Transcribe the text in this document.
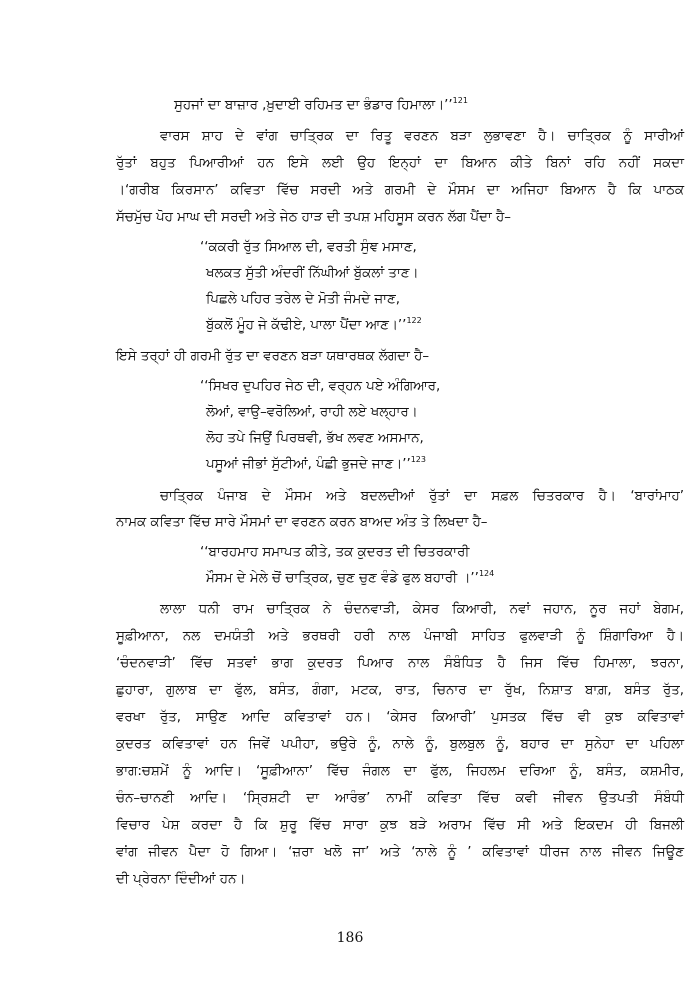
ਸੁਹਜਾਂ ਦਾ ਬਾਜ਼ਾਰ ,ਖ਼ੁਦਾਈ ਰਹਿਮਤ ਦਾ ਭੰਡਾਰ ਹਿਮਾਲਾ।’’$^{121}$
ਵਾਰਸ ਸ਼ਾਹ ਦੇ ਵਾਂਗ ਚਾਤ੍ਰਿਕ ਦਾ ਰਿਤੂ ਵਰਣਨ ਬੜਾ ਲੁਭਾਵਣਾ ਹੈ। ਚਾਤ੍ਰਿਕ ਨੂੰ ਸਾਰੀਆਂ
ਰੁੱਤਾਂ ਬਹੁਤ ਪਿਆਰੀਆਂ ਹਨ ਇਸੇ ਲਈ ਉਹ ਇਨ੍ਹਾਂ ਦਾ ਬਿਆਨ ਕੀਤੇ ਬਿਨਾਂ ਰਹਿ ਨਹੀਂ ਸਕਦਾ
।‘ਗਰੀਬ ਕਿਰਸਾਨ’ ਕਵਿਤਾ ਵਿੱਚ ਸਰਦੀ ਅਤੇ ਗਰਮੀ ਦੇ ਮੌਸਮ ਦਾ ਅਜਿਹਾ ਬਿਆਨ ਹੈ ਕਿ ਪਾਠਕ
ਸੱਚਮੁੱਚ ਪੋਹ ਮਾਘ ਦੀ ਸਰਦੀ ਅਤੇ ਜੇਠ ਹਾੜ ਦੀ ਤਪਸ਼ ਮਹਿਸੂਸ ਕਰਨ ਲੱਗ ਪੈਂਦਾ ਹੈ–
‘‘ਕਕਰੀ ਰੁੱਤ ਸਿਆਲ ਦੀ, ਵਰਤੀ ਸੁੰਞ ਮਸਾਣ,
ਖਲਕਤ ਸੁੱਤੀ ਅੰਦਰੀਂ ਨਿੱਘੀਆਂ ਬੁੱਕਲਾਂ ਤਾਣ।
ਪਿਛਲੇ ਪਹਿਰ ਤਰੇਲ ਦੇ ਮੋਤੀ ਜੰਮਦੇ ਜਾਣ,
ਬੁੱਕਲੋਂ ਮੂੰਹ ਜੇ ਕੱਢੀਏ, ਪਾਲਾ ਪੈਂਦਾ ਆਣ।’’$^{122}$
ਇਸੇ ਤਰ੍ਹਾਂ ਹੀ ਗਰਮੀ ਰੁੱਤ ਦਾ ਵਰਣਨ ਬੜਾ ਯਥਾਰਥਕ ਲੱਗਦਾ ਹੈ–
‘‘ਸਿਖਰ ਦੁਪਹਿਰ ਜੇਠ ਦੀ, ਵਰ੍ਹਨ ਪਏ ਅੰਗਿਆਰ,
ਲੋਆਂ, ਵਾਉ–ਵਰੋਲਿਆਂ, ਰਾਹੀ ਲਏ ਖਲ੍ਹਾਰ।
ਲੋਹ ਤਪੇ ਜਿਉਂ ਪਿਰਥਵੀ, ਭੱਖ ਲਵਣ ਅਸਮਾਨ,
ਪਸੂਆਂ ਜੀਭਾਂ ਸੁੱਟੀਆਂ, ਪੰਛੀ ਭੁਜਦੇ ਜਾਣ।’’$^{123}$
ਚਾਤ੍ਰਿਕ ਪੰਜਾਬ ਦੇ ਮੌਸਮ ਅਤੇ ਬਦਲਦੀਆਂ ਰੁੱਤਾਂ ਦਾ ਸਫ਼ਲ ਚਿਤਰਕਾਰ ਹੈ। ‘ਬਾਰਾਂਮਾਹ’
ਨਾਮਕ ਕਵਿਤਾ ਵਿੱਚ ਸਾਰੇ ਮੌਸਮਾਂ ਦਾ ਵਰਣਨ ਕਰਨ ਬਾਅਦ ਅੰਤ ਤੇ ਲਿਖਦਾ ਹੈ–
‘‘ਬਾਰਹਮਾਹ ਸਮਾਪਤ ਕੀਤੇ, ਤਕ ਕੁਦਰਤ ਦੀ ਚਿਤਰਕਾਰੀ
ਮੌਸਮ ਦੇ ਮੇਲੇ ਚੋਂ ਚਾਤ੍ਰਿਕ, ਚੁਣ ਚੁਣ ਵੰਡੇ ਫੁਲ ਬਹਾਰੀ ।’’$^{124}$
ਲਾਲਾ ਧਨੀ ਰਾਮ ਚਾਤ੍ਰਿਕ ਨੇ ਚੰਦਨਵਾੜੀ, ਕੇਸਰ ਕਿਆਰੀ, ਨਵਾਂ ਜਹਾਨ, ਨੂਰ ਜਹਾਂ ਬੇਗਮ,
ਸੂਫ਼ੀਆਨਾ, ਨਲ ਦਮਯੰਤੀ ਅਤੇ ਭਰਥਰੀ ਹਰੀ ਨਾਲ ਪੰਜਾਬੀ ਸਾਹਿਤ ਫੁਲਵਾੜੀ ਨੂੰ ਸ਼ਿੰਗਾਰਿਆ ਹੈ।
‘ਚੰਦਨਵਾੜੀ’ ਵਿੱਚ ਸਤਵਾਂ ਭਾਗ ਕੁਦਰਤ ਪਿਆਰ ਨਾਲ ਸੰਬੰਧਿਤ ਹੈ ਜਿਸ ਵਿੱਚ ਹਿਮਾਲਾ, ਝਰਨਾ,
ਛੁਹਾਰਾ, ਗੁਲਾਬ ਦਾ ਫੁੱਲ, ਬਸੰਤ, ਗੰਗਾ, ਮਟਕ, ਰਾਤ, ਚਿਨਾਰ ਦਾ ਰੁੱਖ, ਨਿਸ਼ਾਤ ਬਾਗ਼, ਬਸੰਤ ਰੁੱਤ,
ਵਰਖਾ ਰੁੱਤ, ਸਾਉਣ ਆਦਿ ਕਵਿਤਾਵਾਂ ਹਨ। ‘ਕੇਸਰ ਕਿਆਰੀ’ ਪੁਸਤਕ ਵਿੱਚ ਵੀ ਕੁਝ ਕਵਿਤਾਵਾਂ
ਕੁਦਰਤ ਕਵਿਤਾਵਾਂ ਹਨ ਜਿਵੇਂ ਪਪੀਹਾ, ਭਉਰੇ ਨੂੰ, ਨਾਲੇ ਨੂੰ, ਬੁਲਬੁਲ ਨੂੰ, ਬਹਾਰ ਦਾ ਸੁਨੇਹਾ ਦਾ ਪਹਿਲਾ
ਭਾਗ:ਚਸ਼ਮੇਂ ਨੂੰ ਆਦਿ। ‘ਸੂਫ਼ੀਆਨਾ’ ਵਿੱਚ ਜੰਗਲ ਦਾ ਫੁੱਲ, ਜਿਹਲਮ ਦਰਿਆ ਨੂੰ, ਬਸੰਤ, ਕਸ਼ਮੀਰ,
ਚੰਨ–ਚਾਨਣੀ ਆਦਿ। ‘ਸ੍ਰਿਸ਼ਟੀ ਦਾ ਆਰੰਭ’ ਨਾਮੀਂ ਕਵਿਤਾ ਵਿੱਚ ਕਵੀ ਜੀਵਨ ਉਤਪਤੀ ਸੰਬੰਧੀ
ਵਿਚਾਰ ਪੇਸ਼ ਕਰਦਾ ਹੈ ਕਿ ਸ਼ੁਰੂ ਵਿੱਚ ਸਾਰਾ ਕੁਝ ਬੜੇ ਅਰਾਮ ਵਿੱਚ ਸੀ ਅਤੇ ਇਕਦਮ ਹੀ ਬਿਜਲੀ
ਵਾਂਗ ਜੀਵਨ ਪੈਦਾ ਹੋ ਗਿਆ। ‘ਜ਼ਰਾ ਖਲੋ ਜਾ’ ਅਤੇ ‘ਨਾਲੇ ਨੂੰ ’ ਕਵਿਤਾਵਾਂ ਧੀਰਜ ਨਾਲ ਜੀਵਨ ਜਿਊਣ
ਦੀ ਪ੍ਰੇਰਨਾ ਦਿੰਦੀਆਂ ਹਨ।
186
